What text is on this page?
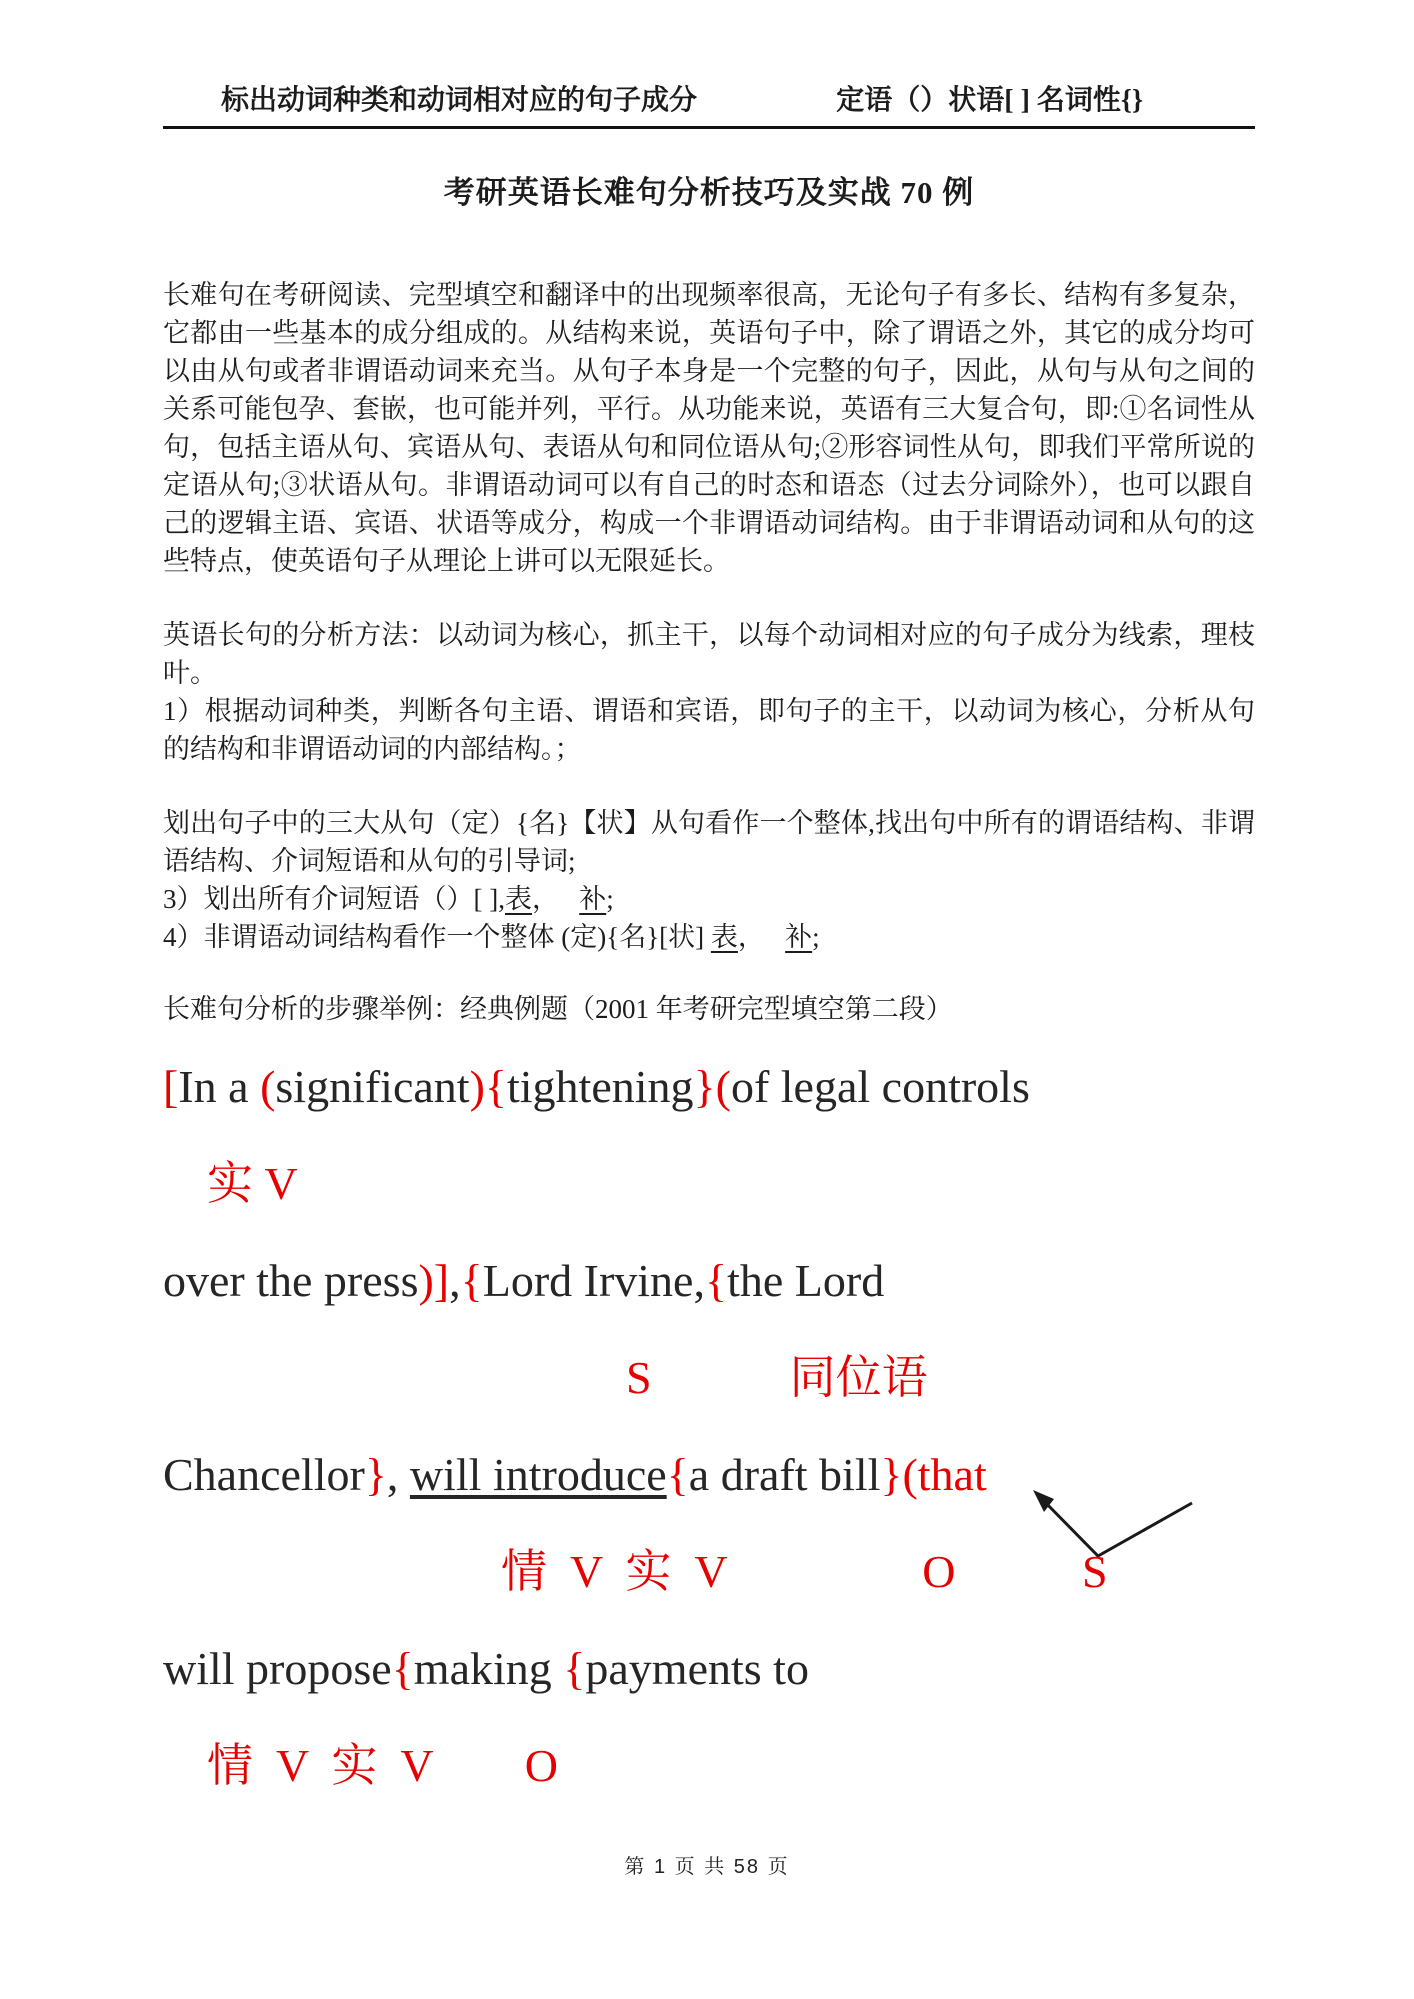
标出动词种类和动词相对应的句子成分	定语（）状语[ ] 名词性{}
考研英语长难句分析技巧及实战 70 例

长难句在考研阅读、完型填空和翻译中的出现频率很高，无论句子有多长、结构有多复杂，它都由一些基本的成分组成的。从结构来说，英语句子中，除了谓语之外，其它的成分均可以由从句或者非谓语动词来充当。从句子本身是一个完整的句子，因此，从句与从句之间的关系可能包孕、套嵌，也可能并列，平行。从功能来说，英语有三大复合句，即:①名词性从句，包括主语从句、宾语从句、表语从句和同位语从句;②形容词性从句，即我们平常所说的定语从句;③状语从句。非谓语动词可以有自己的时态和语态（过去分词除外），也可以跟自己的逻辑主语、宾语、状语等成分，构成一个非谓语动词结构。由于非谓语动词和从句的这些特点，使英语句子从理论上讲可以无限延长。

英语长句的分析方法：以动词为核心，抓主干，以每个动词相对应的句子成分为线索，理枝叶。

1）根据动词种类，判断各句主语、谓语和宾语，即句子的主干，以动词为核心，分析从句的结构和非谓语动词的内部结构。；

划出句子中的三大从句（定）{名}【状】从句看作一个整体,找出句中所有的谓语结构、非谓语结构、介词短语和从句的引导词;

3）划出所有介词短语（）[ ],表，   补;

4）非谓语动词结构看作一个整体 (定){名}[状] 表，   补;

长难句分析的步骤举例：经典例题（2001 年考研完型填空第二段）

[In a (significant){tightening}(of legal controls
实 V
over the press)],{Lord Irvine,{the Lord
S            同位语
Chancellor}, will introduce{a draft bill}(that
情  V  实  V                 O           S
will propose{making {payments to
情  V  实  V        O
第 1 页 共 58 页
